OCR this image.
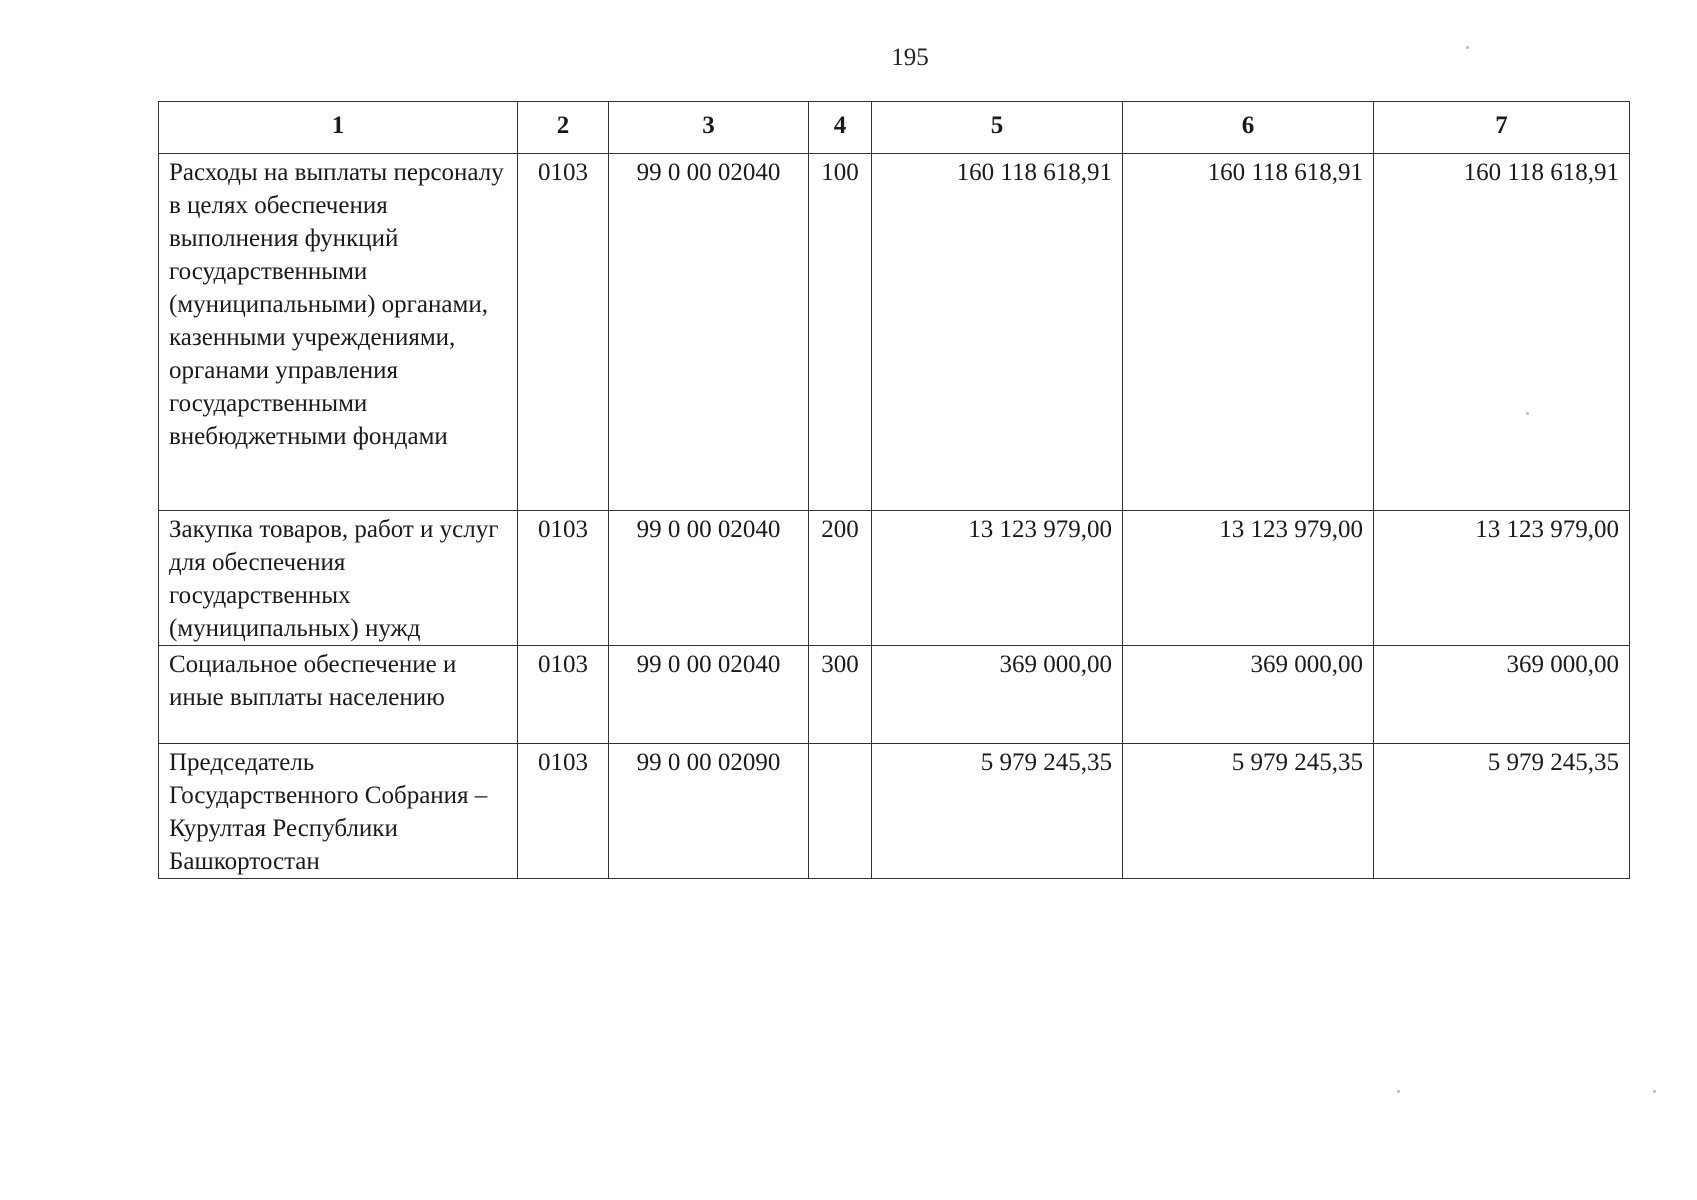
195
1	2	3	4	5	6	7
Расходы на выплаты персоналу в целях обеспечения выполнения функций государственными (муниципальными) органами, казенными учреждениями, органами управления государственными внебюджетными фондами	0103	99 0 00 02040	100	160 118 618,91	160 118 618,91	160 118 618,91
Закупка товаров, работ и услуг для обеспечения государственных (муниципальных) нужд	0103	99 0 00 02040	200	13 123 979,00	13 123 979,00	13 123 979,00
Социальное обеспечение и иные выплаты населению	0103	99 0 00 02040	300	369 000,00	369 000,00	369 000,00
Председатель Государственного Собрания – Курултая Республики Башкортостан	0103	99 0 00 02090		5 979 245,35	5 979 245,35	5 979 245,35
